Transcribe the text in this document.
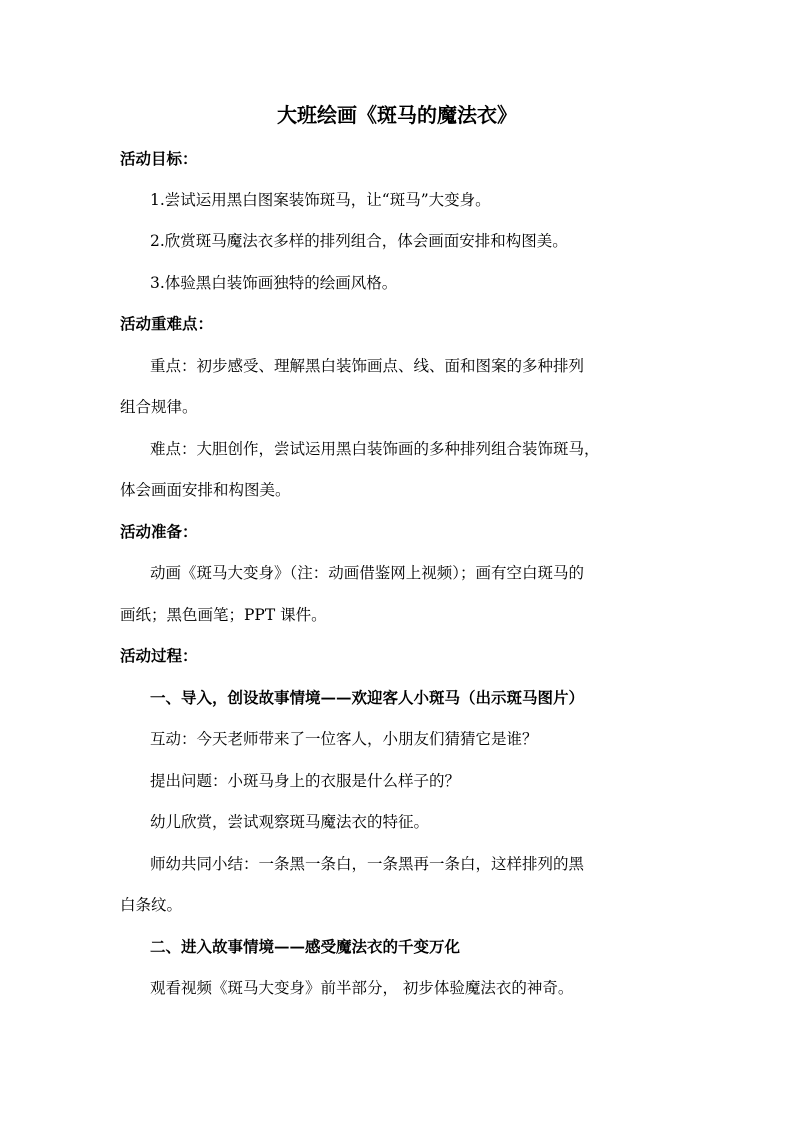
大班绘画《斑马的魔法衣》
活动目标：
1.尝试运用黑白图案装饰斑马，让“斑马”大变身。
2.欣赏斑马魔法衣多样的排列组合，体会画面安排和构图美。
3.体验黑白装饰画独特的绘画风格。
活动重难点：
重点：初步感受、理解黑白装饰画点、线、面和图案的多种排列
组合规律。
难点：大胆创作，尝试运用黑白装饰画的多种排列组合装饰斑马，
体会画面安排和构图美。
活动准备：
动画《斑马大变身》（注：动画借鉴网上视频）；画有空白斑马的
画纸；黑色画笔；PPT 课件。
活动过程：
一、导入，创设故事情境——欢迎客人小斑马（出示斑马图片）
互动：今天老师带来了一位客人，小朋友们猜猜它是谁？
提出问题：小斑马身上的衣服是什么样子的？
幼儿欣赏，尝试观察斑马魔法衣的特征。
师幼共同小结：一条黑一条白，一条黑再一条白，这样排列的黑
白条纹。
二、进入故事情境——感受魔法衣的千变万化
观看视频《斑马大变身》前半部分， 初步体验魔法衣的神奇。
